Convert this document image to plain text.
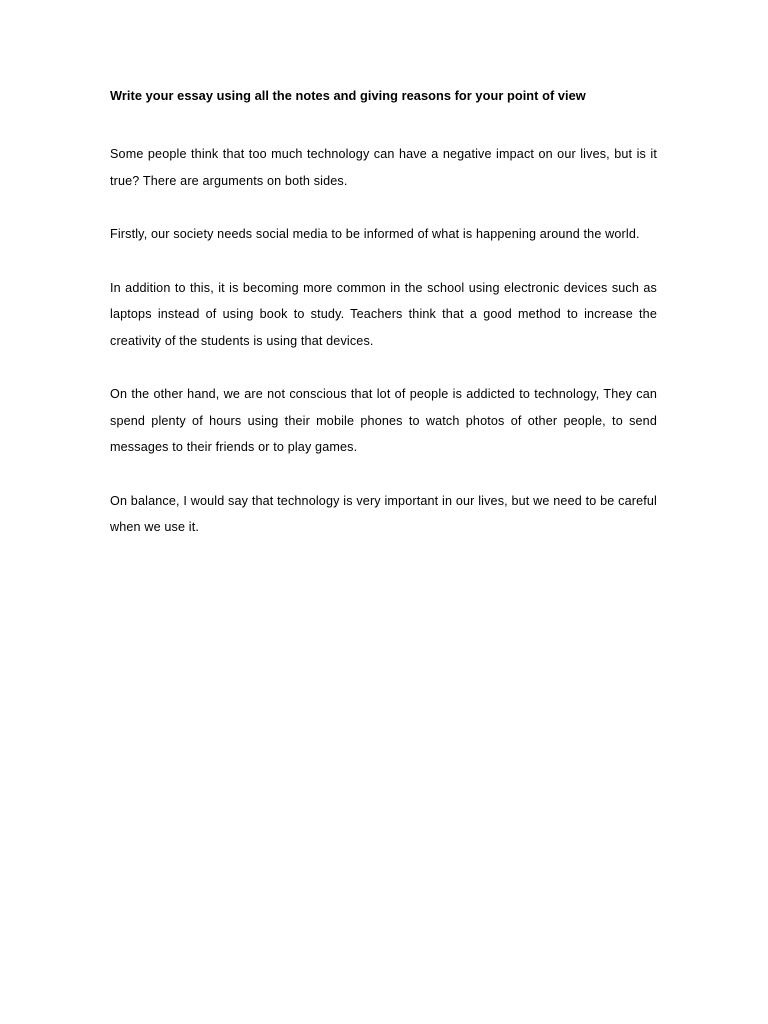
Write your essay using all the notes and giving reasons for your point of view

Some people think that too much technology can have a negative impact on our lives, but is it true? There are arguments on both sides.

Firstly, our society needs social media to be informed of what is happening around the world.

In addition to this, it is becoming more common in the school using electronic devices such as laptops instead of using book to study. Teachers think that a good method to increase the creativity of the students is using that devices.

On the other hand, we are not conscious that lot of people is addicted to technology, They can spend plenty of hours using their mobile phones to watch photos of other people, to send messages to their friends or to play games.

On balance, I would say that technology is very important in our lives, but we need to be careful when we use it.
